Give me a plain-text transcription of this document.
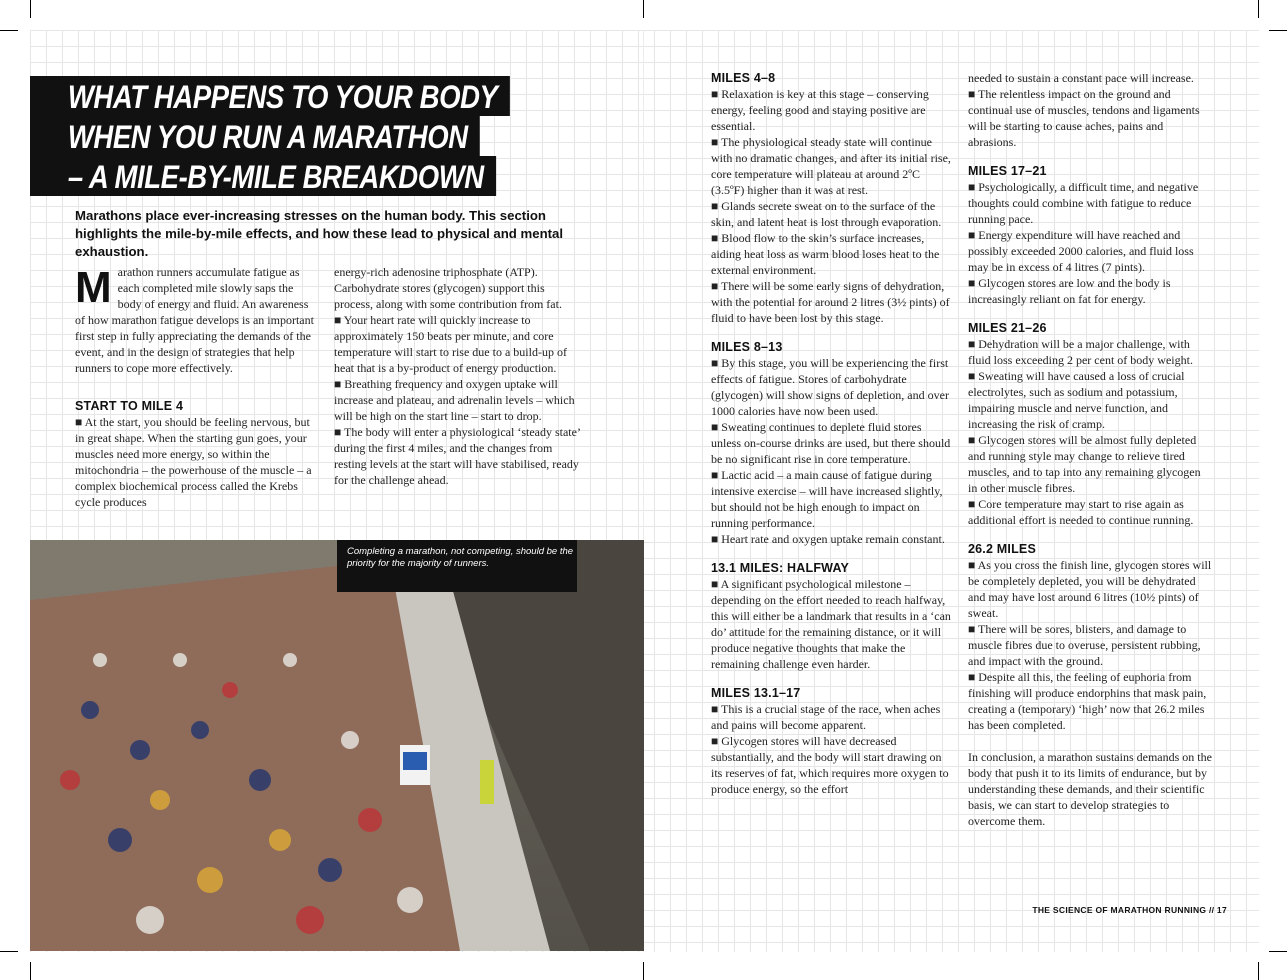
WHAT HAPPENS TO YOUR BODY
WHEN YOU RUN A MARATHON
– A MILE-BY-MILE BREAKDOWN
Marathons place ever-increasing stresses on the human body. This section highlights the mile-by-mile effects, and how these lead to physical and mental exhaustion.

Marathon runners accumulate fatigue as each completed mile slowly saps the body of energy and fluid. An awareness of how marathon fatigue develops is an important first step in fully appreciating the demands of the event, and in the design of strategies that help runners to cope more effectively.

START TO MILE 4

■ At the start, you should be feeling nervous, but in great shape. When the starting gun goes, your muscles need more energy, so within the mitochondria – the powerhouse of the muscle – a complex biochemical process called the Krebs cycle produces

energy-rich adenosine triphosphate (ATP). Carbohydrate stores (glycogen) support this process, along with some contribution from fat.

■ Your heart rate will quickly increase to approximately 150 beats per minute, and core temperature will start to rise due to a build-up of heat that is a by-product of energy production.

■ Breathing frequency and oxygen uptake will increase and plateau, and adrenalin levels – which will be high on the start line – start to drop.

■ The body will enter a physiological ‘steady state’ during the first 4 miles, and the changes from resting levels at the start will have stabilised, ready for the challenge ahead.

Completing a marathon, not competing, should be the priority for the majority of runners.

MILES 4–8

■ Relaxation is key at this stage – conserving energy, feeling good and staying positive are essential.

■ The physiological steady state will continue with no dramatic changes, and after its initial rise, core temperature will plateau at around 2ºC (3.5ºF) higher than it was at rest.

■ Glands secrete sweat on to the surface of the skin, and latent heat is lost through evaporation.

■ Blood flow to the skin’s surface increases, aiding heat loss as warm blood loses heat to the external environment.

■ There will be some early signs of dehydration, with the potential for around 2 litres (3½ pints) of fluid to have been lost by this stage.

MILES 8–13

■ By this stage, you will be experiencing the first effects of fatigue. Stores of carbohydrate (glycogen) will show signs of depletion, and over 1000 calories have now been used.

■ Sweating continues to deplete fluid stores unless on-course drinks are used, but there should be no significant rise in core temperature.

■ Lactic acid – a main cause of fatigue during intensive exercise – will have increased slightly, but should not be high enough to impact on running performance.

■ Heart rate and oxygen uptake remain constant.

13.1 MILES: HALFWAY

■ A significant psychological milestone – depending on the effort needed to reach halfway, this will either be a landmark that results in a ‘can do’ attitude for the remaining distance, or it will produce negative thoughts that make the remaining challenge even harder.

MILES 13.1–17

■ This is a crucial stage of the race, when aches and pains will become apparent.

■ Glycogen stores will have decreased substantially, and the body will start drawing on its reserves of fat, which requires more oxygen to produce energy, so the effort

needed to sustain a constant pace will increase.

■ The relentless impact on the ground and continual use of muscles, tendons and ligaments will be starting to cause aches, pains and abrasions.

MILES 17–21

■ Psychologically, a difficult time, and negative thoughts could combine with fatigue to reduce running pace.

■ Energy expenditure will have reached and possibly exceeded 2000 calories, and fluid loss may be in excess of 4 litres (7 pints).

■ Glycogen stores are low and the body is increasingly reliant on fat for energy.

MILES 21–26

■ Dehydration will be a major challenge, with fluid loss exceeding 2 per cent of body weight.

■ Sweating will have caused a loss of crucial electrolytes, such as sodium and potassium, impairing muscle and nerve function, and increasing the risk of cramp.

■ Glycogen stores will be almost fully depleted and running style may change to relieve tired muscles, and to tap into any remaining glycogen in other muscle fibres.

■ Core temperature may start to rise again as additional effort is needed to continue running.

26.2 MILES

■ As you cross the finish line, glycogen stores will be completely depleted, you will be dehydrated and may have lost around 6 litres (10½ pints) of sweat.

■ There will be sores, blisters, and damage to muscle fibres due to overuse, persistent rubbing, and impact with the ground.

■ Despite all this, the feeling of euphoria from finishing will produce endorphins that mask pain, creating a (temporary) ‘high’ now that 26.2 miles has been completed.

In conclusion, a marathon sustains demands on the body that push it to its limits of endurance, but by understanding these demands, and their scientific basis, we can start to develop strategies to overcome them.

THE SCIENCE OF MARATHON RUNNING // 17
